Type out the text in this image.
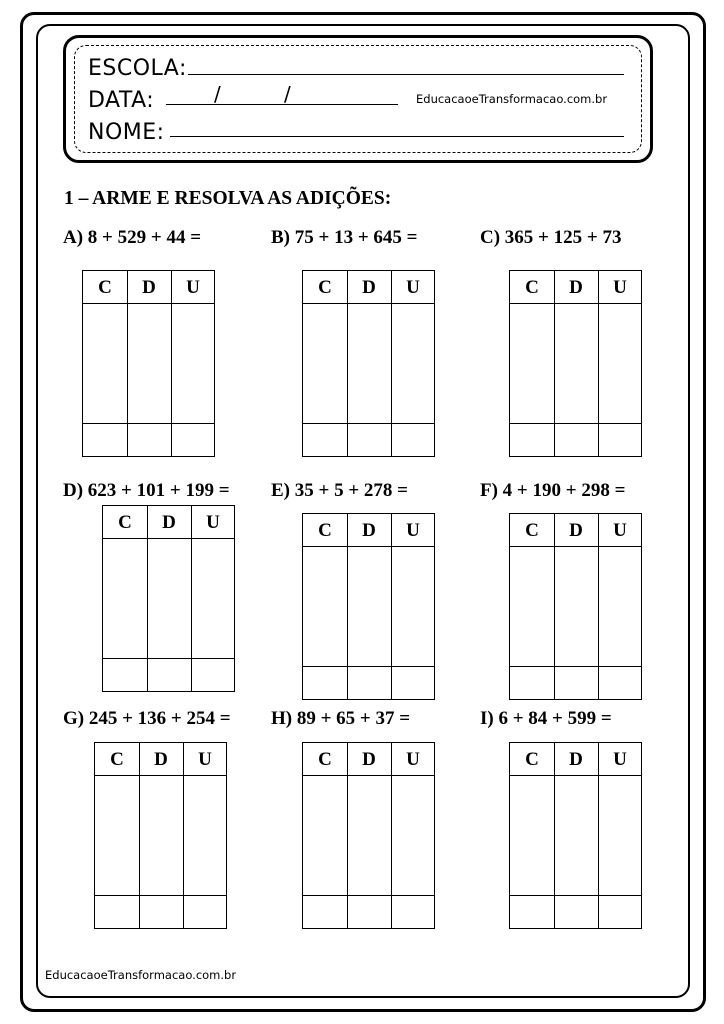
ESCOLA:
DATA:	/	/	EducacaoeTransformacao.com.br
NOME:
1 – ARME E RESOLVA AS ADIÇÕES:
A) 8 + 529 + 44 =	B) 75 + 13 + 645 =	C) 365 + 125 + 73
C	D	U	C	D	U	C	D	U
D) 623 + 101 + 199 = E) 35 + 5 + 278 =	F) 4 + 190 + 298 =
C	D	U	C	D	U	C	D	U
G) 245 + 136 + 254 = H) 89 + 65 + 37 =	I) 6 + 84 + 599 =
C	D	U	C	D	U	C	D	U
EducacaoeTransformacao.com.br
